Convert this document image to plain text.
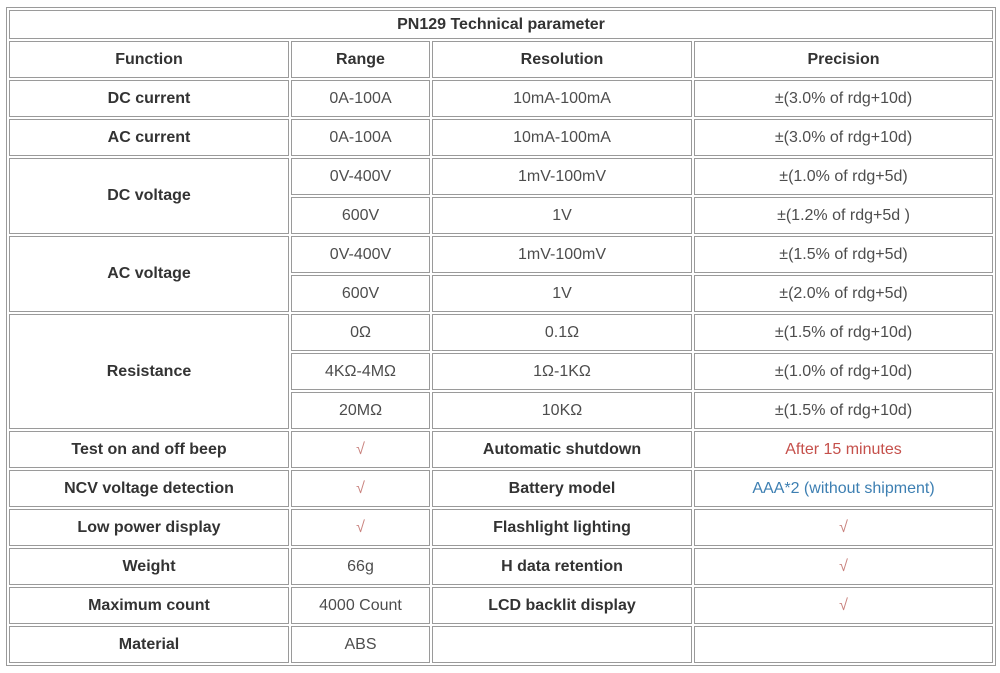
PN129 Technical parameter			
Function	Range	Resolution	Precision
DC current	0A-100A	10mA-100mA	±(3.0% of rdg+10d)
AC current	0A-100A	10mA-100mA	±(3.0% of rdg+10d)
DC voltage	0V-400V	1mV-100mV	±(1.0% of rdg+5d)
	600V	1V	±(1.2% of rdg+5d )
AC voltage	0V-400V	1mV-100mV	±(1.5% of rdg+5d)
	600V	1V	±(2.0% of rdg+5d)
Resistance	0Ω	0.1Ω	±(1.5% of rdg+10d)
	4KΩ-4MΩ	1Ω-1KΩ	±(1.0% of rdg+10d)
	20MΩ	10KΩ	±(1.5% of rdg+10d)
Test on and off beep	√	Automatic shutdown	After 15 minutes
NCV voltage detection	√	Battery model	AAA*2 (without shipment)
Low power display	√	Flashlight lighting	√
Weight	66g	H data retention	√
Maximum count	4000 Count	LCD backlit display	√
Material	ABS		
